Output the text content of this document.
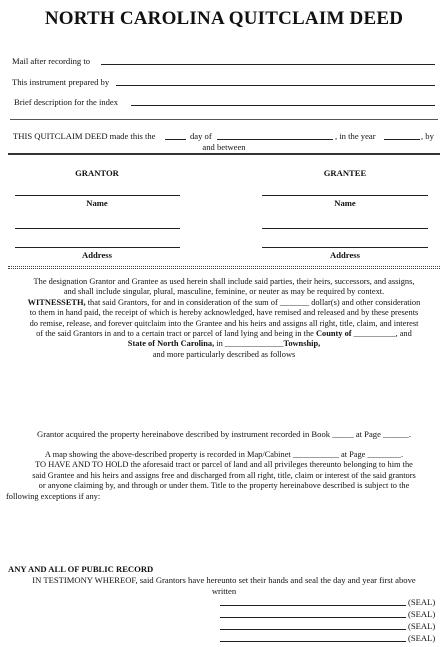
NORTH CAROLINA QUITCLAIM DEED
Mail after recording to
This instrument prepared by
Brief description for the index
THIS QUITCLAIM DEED made this the	day of	, in the year	, by
and between
GRANTOR	GRANTEE
Name	Name
Address	Address
The designation Grantor and Grantee as used herein shall include said parties, their heirs, successors, and assigns,
and shall include singular, plural, masculine, feminine, or neuter as may be required by context.
WITNESSETH, that said Grantors, for and in consideration of the sum of _______ dollar(s) and other consideration
to them in hand paid, the receipt of which is hereby acknowledged, have remised and released and by these presents
do remise, release, and forever quitclaim into the Grantee and his heirs and assigns all right, title, claim, and interest
of the said Grantors in and to a certain tract or parcel of land lying and being in the County of __________, and
State of North Carolina, in ______________Township,
and more particularly described as follows
Grantor acquired the property hereinabove described by instrument recorded in Book _____ at Page ______.
A map showing the above-described property is recorded in Map/Cabinet ___________ at Page ________.
TO HAVE AND TO HOLD the aforesaid tract or parcel of land and all privileges thereunto belonging to him the
said Grantee and his heirs and assigns free and discharged from all right, title, claim or interest of the said grantors
or anyone claiming by, and through or under them. Title to the property hereinabove described is subject to the
following exceptions if any:
ANY AND ALL OF PUBLIC RECORD
IN TESTIMONY WHEREOF, said Grantors have hereunto set their hands and seal the day and year first above
written
(SEAL)
(SEAL)
(SEAL)
(SEAL)
